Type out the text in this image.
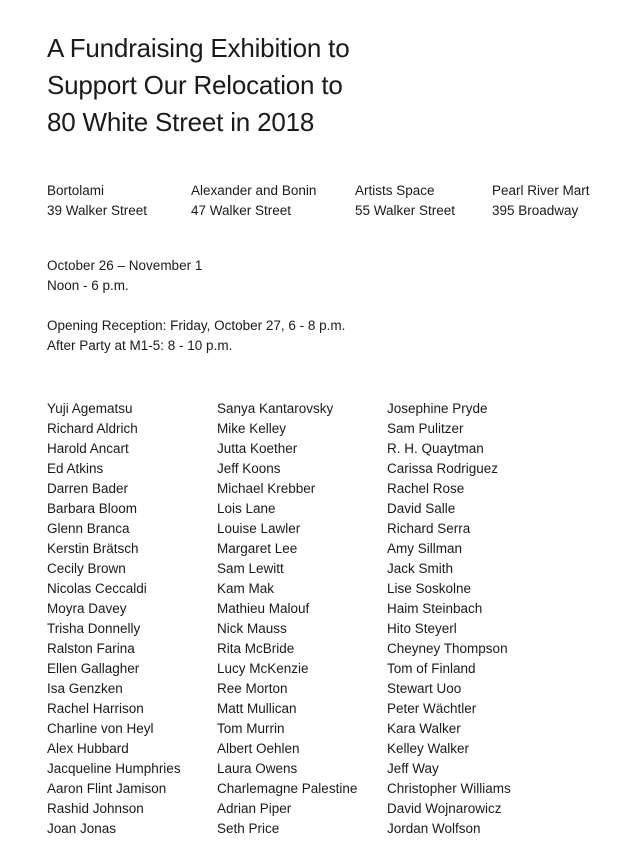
A Fundraising Exhibition to
Support Our Relocation to
80 White Street in 2018
Bortolami
39 Walker Street
Alexander and Bonin
47 Walker Street
Artists Space
55 Walker Street
Pearl River Mart
395 Broadway
October 26 – November 1
Noon - 6 p.m.
Opening Reception: Friday, October 27, 6 - 8 p.m.
After Party at M1-5: 8 - 10 p.m.
Yuji Agematsu
Richard Aldrich
Harold Ancart
Ed Atkins
Darren Bader
Barbara Bloom
Glenn Branca
Kerstin Brätsch
Cecily Brown
Nicolas Ceccaldi
Moyra Davey
Trisha Donnelly
Ralston Farina
Ellen Gallagher
Isa Genzken
Rachel Harrison
Charline von Heyl
Alex Hubbard
Jacqueline Humphries
Aaron Flint Jamison
Rashid Johnson
Joan Jonas
Sanya Kantarovsky
Mike Kelley
Jutta Koether
Jeff Koons
Michael Krebber
Lois Lane
Louise Lawler
Margaret Lee
Sam Lewitt
Kam Mak
Mathieu Malouf
Nick Mauss
Rita McBride
Lucy McKenzie
Ree Morton
Matt Mullican
Tom Murrin
Albert Oehlen
Laura Owens
Charlemagne Palestine
Adrian Piper
Seth Price
Josephine Pryde
Sam Pulitzer
R. H. Quaytman
Carissa Rodriguez
Rachel Rose
David Salle
Richard Serra
Amy Sillman
Jack Smith
Lise Soskolne
Haim Steinbach
Hito Steyerl
Cheyney Thompson
Tom of Finland
Stewart Uoo
Peter Wächtler
Kara Walker
Kelley Walker
Jeff Way
Christopher Williams
David Wojnarowicz
Jordan Wolfson
